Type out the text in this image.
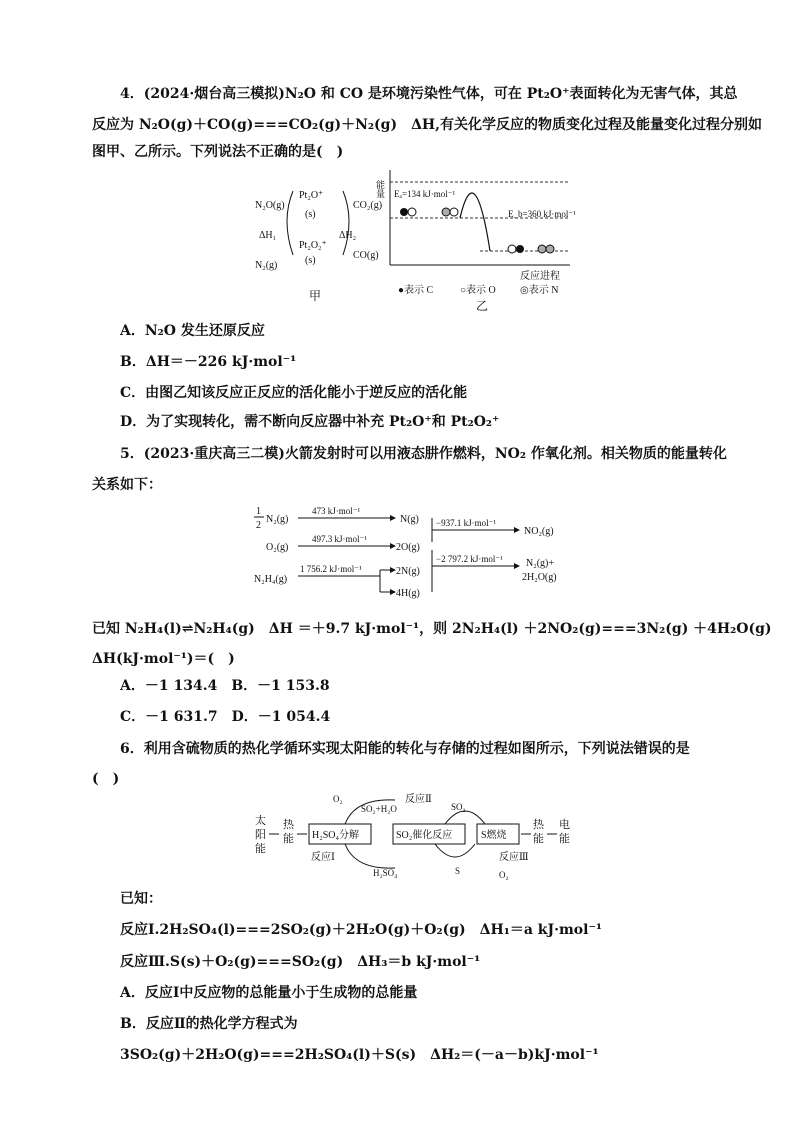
4．(2024·烟台高三模拟)N₂O 和 CO 是环境污染性气体，可在 Pt₂O⁺表面转化为无害气体，其总
反应为 N₂O(g)＋CO(g)===CO₂(g)＋N₂(g)　ΔH,有关化学反应的物质变化过程及能量变化过程分别如
图甲、乙所示。下列说法不正确的是(　)
N₂O(g)
Pt₂O⁺
(s)
CO₂(g)
ΔH₁
Pt₂O₂⁺
ΔH₂
(s)
N₂(g)
CO(g)
甲
能量 Eₐ=134 kJ·mol⁻¹
E_b=360 kJ·mol⁻¹
反应进程
●表示 C	○表示 O ◎表示 N
乙
A．N₂O 发生还原反应
B．ΔH＝－226 kJ·mol⁻¹
C．由图乙知该反应正反应的活化能小于逆反应的活化能
D．为了实现转化，需不断向反应器中补充 Pt₂O⁺和 Pt₂O₂⁺
5．(2023·重庆高三二模)火箭发射时可以用液态肼作燃料，NO₂ 作氧化剂。相关物质的能量转化
关系如下：
1
2
N₂(g)
473 kJ·mol⁻¹
N(g) −937.1 kJ·mol⁻¹
NO₂(g)
O₂(g)
497.3 kJ·mol⁻¹
2O(g)
N₂H₄(g)
1 756.2 kJ·mol⁻¹	2N(g)
4H(g)
−2 797.2 kJ·mol⁻¹ N₂(g)+
2H₂O(g)
已知 N₂H₄(l)⇌N₂H₄(g)　ΔH ＝＋9.7 kJ·mol⁻¹，则 2N₂H₄(l) ＋2NO₂(g)===3N₂(g) ＋4H₂O(g)
ΔH(kJ·mol⁻¹)＝(　)
A．－1 134.4　B．－1 153.8
C．－1 631.7　D．－1 054.4
6．利用含硫物质的热化学循环实现太阳能的转化与存储的过程如图所示，下列说法错误的是
(　)
太
阳
能
热
能 H₂SO₄分解	SO₂催化反应	S燃烧
热
能
电
能
O₂
SO₂+H₂O
反应Ⅱ
SO₂
反应Ⅰ
H₂SO₄	S
反应Ⅲ
O₂
已知：
反应Ⅰ.2H₂SO₄(l)===2SO₂(g)＋2H₂O(g)＋O₂(g)　ΔH₁＝a kJ·mol⁻¹
反应Ⅲ.S(s)＋O₂(g)===SO₂(g)　ΔH₃＝b kJ·mol⁻¹
A．反应Ⅰ中反应物的总能量小于生成物的总能量
B．反应Ⅱ的热化学方程式为
3SO₂(g)＋2H₂O(g)===2H₂SO₄(l)＋S(s)　ΔH₂＝(－a－b)kJ·mol⁻¹
